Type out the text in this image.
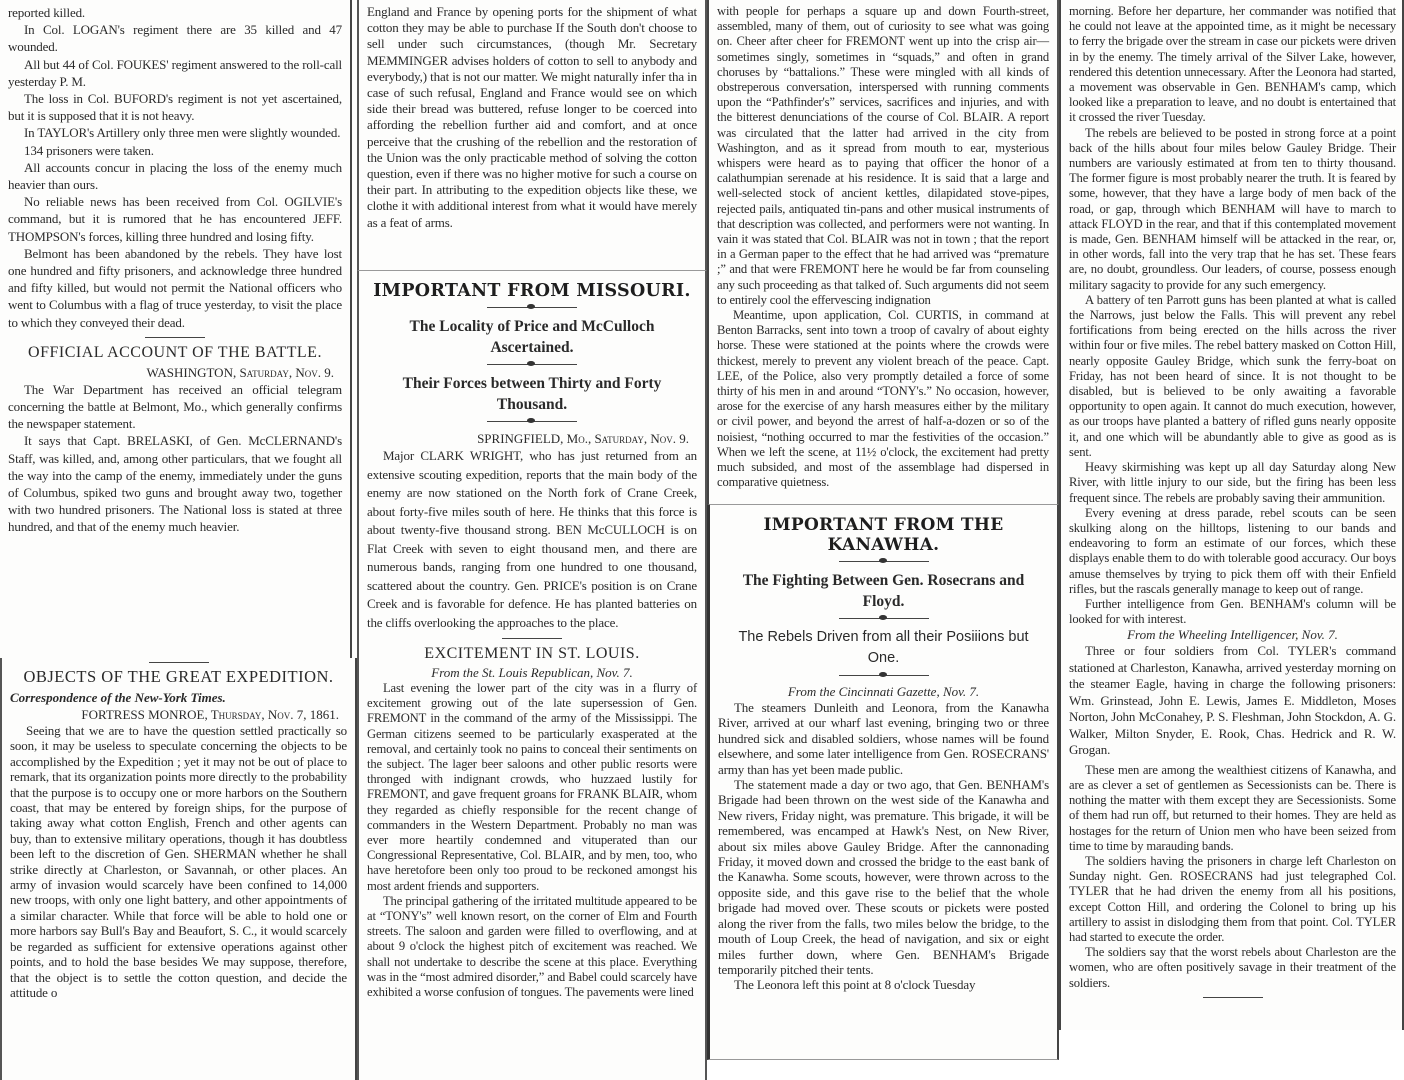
reported killed.

In Col. LOGAN's regiment there are 35 killed and 47 wounded.

All but 44 of Col. FOUKES' regiment answered to the roll-call yesterday P. M.

The loss in Col. BUFORD's regiment is not yet ascertained, but it is supposed that it is not heavy.

In TAYLOR's Artillery only three men were slightly wounded.

134 prisoners were taken.

All accounts concur in placing the loss of the enemy much heavier than ours.

No reliable news has been received from Col. OGILVIE's command, but it is rumored that he has encountered JEFF. THOMPSON's forces, killing three hundred and losing fifty.

Belmont has been abandoned by the rebels. They have lost one hundred and fifty prisoners, and acknowledge three hundred and fifty killed, but would not permit the National officers who went to Columbus with a flag of truce yesterday, to visit the place to which they conveyed their dead.

OFFICIAL ACCOUNT OF THE BATTLE.
WASHINGTON, Saturday, Nov. 9.

The War Department has received an official telegram concerning the battle at Belmont, Mo., which generally confirms the newspaper statement.

It says that Capt. BRELASKI, of Gen. McCLERNAND's Staff, was killed, and, among other particulars, that we fought all the way into the camp of the enemy, immediately under the guns of Columbus, spiked two guns and brought away two, together with two hundred prisoners. The National loss is stated at three hundred, and that of the enemy much heavier.

OBJECTS OF THE GREAT EXPEDITION.
Correspondence of the New-York Times.
FORTRESS MONROE, Thursday, Nov. 7, 1861.

Seeing that we are to have the question settled practically so soon, it may be useless to speculate concerning the objects to be accomplished by the Expedition ; yet it may not be out of place to remark, that its organization points more directly to the probability that the purpose is to occupy one or more harbors on the Southern coast, that may be entered by foreign ships, for the purpose of taking away what cotton English, French and other agents can buy, than to extensive military operations, though it has doubtless been left to the discretion of Gen. SHERMAN whether he shall strike directly at Charleston, or Savannah, or other places. An army of invasion would scarcely have been confined to 14,000 new troops, with only one light battery, and other appointments of a similar character. While that force will be able to hold one or more harbors say Bull's Bay and Beaufort, S. C., it would scarcely be regarded as sufficient for extensive operations against other points, and to hold the base besides We may suppose, therefore, that the object is to settle the cotton question, and decide the attitude o

England and France by opening ports for the shipment of what cotton they may be able to purchase If the South don't choose to sell under such circumstances, (though Mr. Secretary MEMMINGER advises holders of cotton to sell to anybody and everybody,) that is not our matter. We might naturally infer tha in case of such refusal, England and France would see on which side their bread was buttered, refuse longer to be coerced into affording the rebellion further aid and comfort, and at once perceive that the crushing of the rebellion and the restoration of the Union was the only practicable method of solving the cotton question, even if there was no higher motive for such a course on their part. In attributing to the expedition objects like these, we clothe it with additional interest from what it would have merely as a feat of arms.

IMPORTANT FROM MISSOURI.
The Locality of Price and McCulloch Ascertained.
Their Forces between Thirty and Forty Thousand.
SPRINGFIELD, Mo., Saturday, Nov. 9.

Major CLARK WRIGHT, who has just returned from an extensive scouting expedition, reports that the main body of the enemy are now stationed on the North fork of Crane Creek, about forty-five miles south of here. He thinks that this force is about twenty-five thousand strong. BEN McCULLOCH is on Flat Creek with seven to eight thousand men, and there are numerous bands, ranging from one hundred to one thousand, scattered about the country. Gen. PRICE's position is on Crane Creek and is favorable for defence. He has planted batteries on the cliffs overlooking the approaches to the place.

EXCITEMENT IN ST. LOUIS.
From the St. Louis Republican, Nov. 7.

Last evening the lower part of the city was in a flurry of excitement growing out of the late supersession of Gen. FREMONT in the command of the army of the Mississippi. The German citizens seemed to be particularly exasperated at the removal, and certainly took no pains to conceal their sentiments on the subject. The lager beer saloons and other public resorts were thronged with indignant crowds, who huzzaed lustily for FREMONT, and gave frequent groans for FRANK BLAIR, whom they regarded as chiefly responsible for the recent change of commanders in the Western Department. Probably no man was ever more heartily condemned and vituperated than our Congressional Representative, Col. BLAIR, and by men, too, who have heretofore been only too proud to be reckoned amongst his most ardent friends and supporters.

The principal gathering of the irritated multitude appeared to be at “TONY's” well known resort, on the corner of Elm and Fourth streets. The saloon and garden were filled to overflowing, and at about 9 o'clock the highest pitch of excitement was reached. We shall not undertake to describe the scene at this place. Everything was in the “most admired disorder,” and Babel could scarcely have exhibited a worse confusion of tongues. The pavements were lined

with people for perhaps a square up and down Fourth-street, assembled, many of them, out of curiosity to see what was going on. Cheer after cheer for FREMONT went up into the crisp air—sometimes singly, sometimes in “squads,” and often in grand choruses by “battalions.” These were mingled with all kinds of obstreperous conversation, interspersed with running comments upon the “Pathfinder's” services, sacrifices and injuries, and with the bitterest denunciations of the course of Col. BLAIR. A report was circulated that the latter had arrived in the city from Washington, and as it spread from mouth to ear, mysterious whispers were heard as to paying that officer the honor of a calathumpian serenade at his residence. It is said that a large and well-selected stock of ancient kettles, dilapidated stove-pipes, rejected pails, antiquated tin-pans and other musical instruments of that description was collected, and performers were not wanting. In vain it was stated that Col. BLAIR was not in town ; that the report in a German paper to the effect that he had arrived was “premature ;” and that were FREMONT here he would be far from counseling any such proceeding as that talked of. Such arguments did not seem to entirely cool the effervescing indignation

Meantime, upon application, Col. CURTIS, in command at Benton Barracks, sent into town a troop of cavalry of about eighty horse. These were stationed at the points where the crowds were thickest, merely to prevent any violent breach of the peace. Capt. LEE, of the Police, also very promptly detailed a force of some thirty of his men in and around “TONY's.” No occasion, however, arose for the exercise of any harsh measures either by the military or civil power, and beyond the arrest of half-a-dozen or so of the noisiest, “nothing occurred to mar the festivities of the occasion.” When we left the scene, at 11½ o'clock, the excitement had pretty much subsided, and most of the assemblage had dispersed in comparative quietness.

IMPORTANT FROM THE KANAWHA.
The Fighting Between Gen. Rosecrans and Floyd.
The Rebels Driven from all their Posiiions but One.
From the Cincinnati Gazette, Nov. 7.

The steamers Dunleith and Leonora, from the Kanawha River, arrived at our wharf last evening, bringing two or three hundred sick and disabled soldiers, whose names will be found elsewhere, and some later intelligence from Gen. ROSECRANS' army than has yet been made public.

The statement made a day or two ago, that Gen. BENHAM's Brigade had been thrown on the west side of the Kanawha and New rivers, Friday night, was premature. This brigade, it will be remembered, was encamped at Hawk's Nest, on New River, about six miles above Gauley Bridge. After the cannonading Friday, it moved down and crossed the bridge to the east bank of the Kanawha. Some scouts, however, were thrown across to the opposite side, and this gave rise to the belief that the whole brigade had moved over. These scouts or pickets were posted along the river from the falls, two miles below the bridge, to the mouth of Loup Creek, the head of navigation, and six or eight miles further down, where Gen. BENHAM's Brigade temporarily pitched their tents.

The Leonora left this point at 8 o'clock Tuesday

morning. Before her departure, her commander was notified that he could not leave at the appointed time, as it might be necessary to ferry the brigade over the stream in case our pickets were driven in by the enemy. The timely arrival of the Silver Lake, however, rendered this detention unnecessary. After the Leonora had started, a movement was observable in Gen. BENHAM's camp, which looked like a preparation to leave, and no doubt is entertained that it crossed the river Tuesday.

The rebels are believed to be posted in strong force at a point back of the hills about four miles below Gauley Bridge. Their numbers are variously estimated at from ten to thirty thousand. The former figure is most probably nearer the truth. It is feared by some, however, that they have a large body of men back of the road, or gap, through which BENHAM will have to march to attack FLOYD in the rear, and that if this contemplated movement is made, Gen. BENHAM himself will be attacked in the rear, or, in other words, fall into the very trap that he has set. These fears are, no doubt, groundless. Our leaders, of course, possess enough military sagacity to provide for any such emergency.

A battery of ten Parrott guns has been planted at what is called the Narrows, just below the Falls. This will prevent any rebel fortifications from being erected on the hills across the river within four or five miles. The rebel battery masked on Cotton Hill, nearly opposite Gauley Bridge, which sunk the ferry-boat on Friday, has not been heard of since. It is not thought to be disabled, but is believed to be only awaiting a favorable opportunity to open again. It cannot do much execution, however, as our troops have planted a battery of rifled guns nearly opposite it, and one which will be abundantly able to give as good as is sent.

Heavy skirmishing was kept up all day Saturday along New River, with little injury to our side, but the firing has been less frequent since. The rebels are probably saving their ammunition.

Every evening at dress parade, rebel scouts can be seen skulking along on the hilltops, listening to our bands and endeavoring to form an estimate of our forces, which these displays enable them to do with tolerable good accuracy. Our boys amuse themselves by trying to pick them off with their Enfield rifles, but the rascals generally manage to keep out of range.

Further intelligence from Gen. BENHAM's column will be looked for with interest.

From the Wheeling Intelligencer, Nov. 7.

Three or four soldiers from Col. TYLER's command stationed at Charleston, Kanawha, arrived yesterday morning on the steamer Eagle, having in charge the following prisoners: Wm. Grinstead, John E. Lewis, James E. Middleton, Moses Norton, John McConahey, P. S. Fleshman, John Stockdon, A. G. Walker, Milton Snyder, E. Rook, Chas. Hedrick and R. W. Grogan.

These men are among the wealthiest citizens of Kanawha, and are as clever a set of gentlemen as Secessionists can be. There is nothing the matter with them except they are Secessionists. Some of them had run off, but returned to their homes. They are held as hostages for the return of Union men who have been seized from time to time by marauding bands.

The soldiers having the prisoners in charge left Charleston on Sunday night. Gen. ROSECRANS had just telegraphed Col. TYLER that he had driven the enemy from all his positions, except Cotton Hill, and ordering the Colonel to bring up his artillery to assist in dislodging them from that point. Col. TYLER had started to execute the order.

The soldiers say that the worst rebels about Charleston are the women, who are often positively savage in their treatment of the soldiers.
